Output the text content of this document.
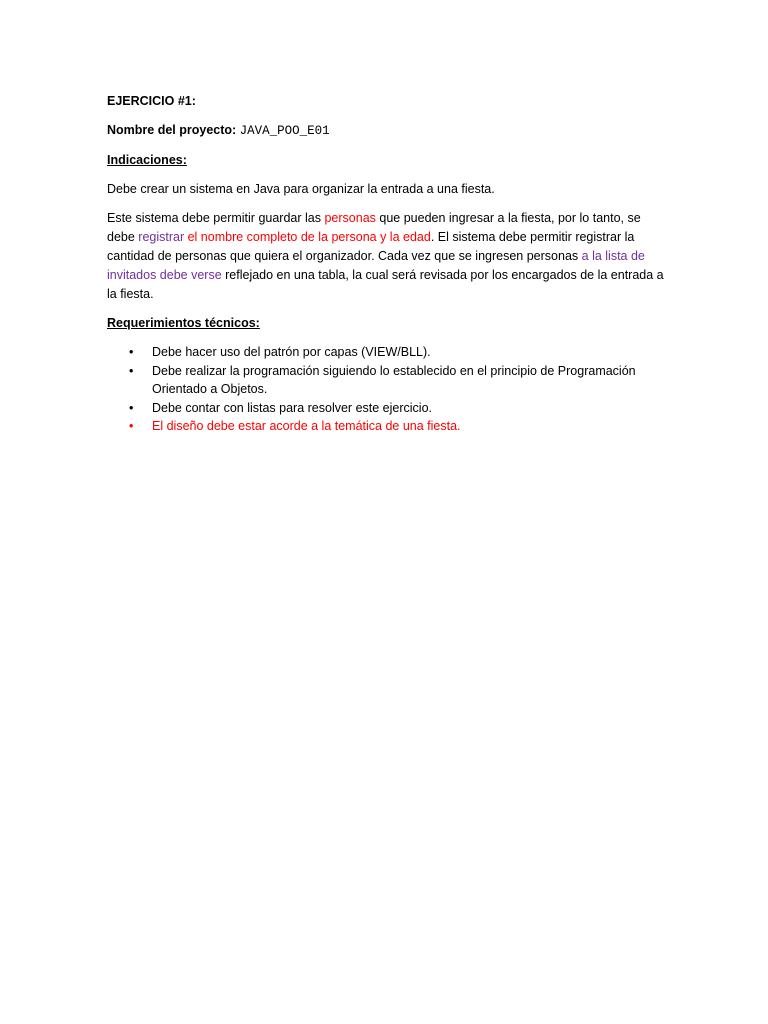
EJERCICIO #1:

Nombre del proyecto: JAVA_POO_E01

Indicaciones:

Debe crear un sistema en Java para organizar la entrada a una fiesta.

Este sistema debe permitir guardar las personas que pueden ingresar a la fiesta, por lo tanto, se debe registrar el nombre completo de la persona y la edad. El sistema debe permitir registrar la cantidad de personas que quiera el organizador. Cada vez que se ingresen personas a la lista de invitados debe verse reflejado en una tabla, la cual será revisada por los encargados de la entrada a la fiesta.

Requerimientos técnicos:

• Debe hacer uso del patrón por capas (VIEW/BLL).
• Debe realizar la programación siguiendo lo establecido en el principio de Programación Orientado a Objetos.
• Debe contar con listas para resolver este ejercicio.
• El diseño debe estar acorde a la temática de una fiesta.
